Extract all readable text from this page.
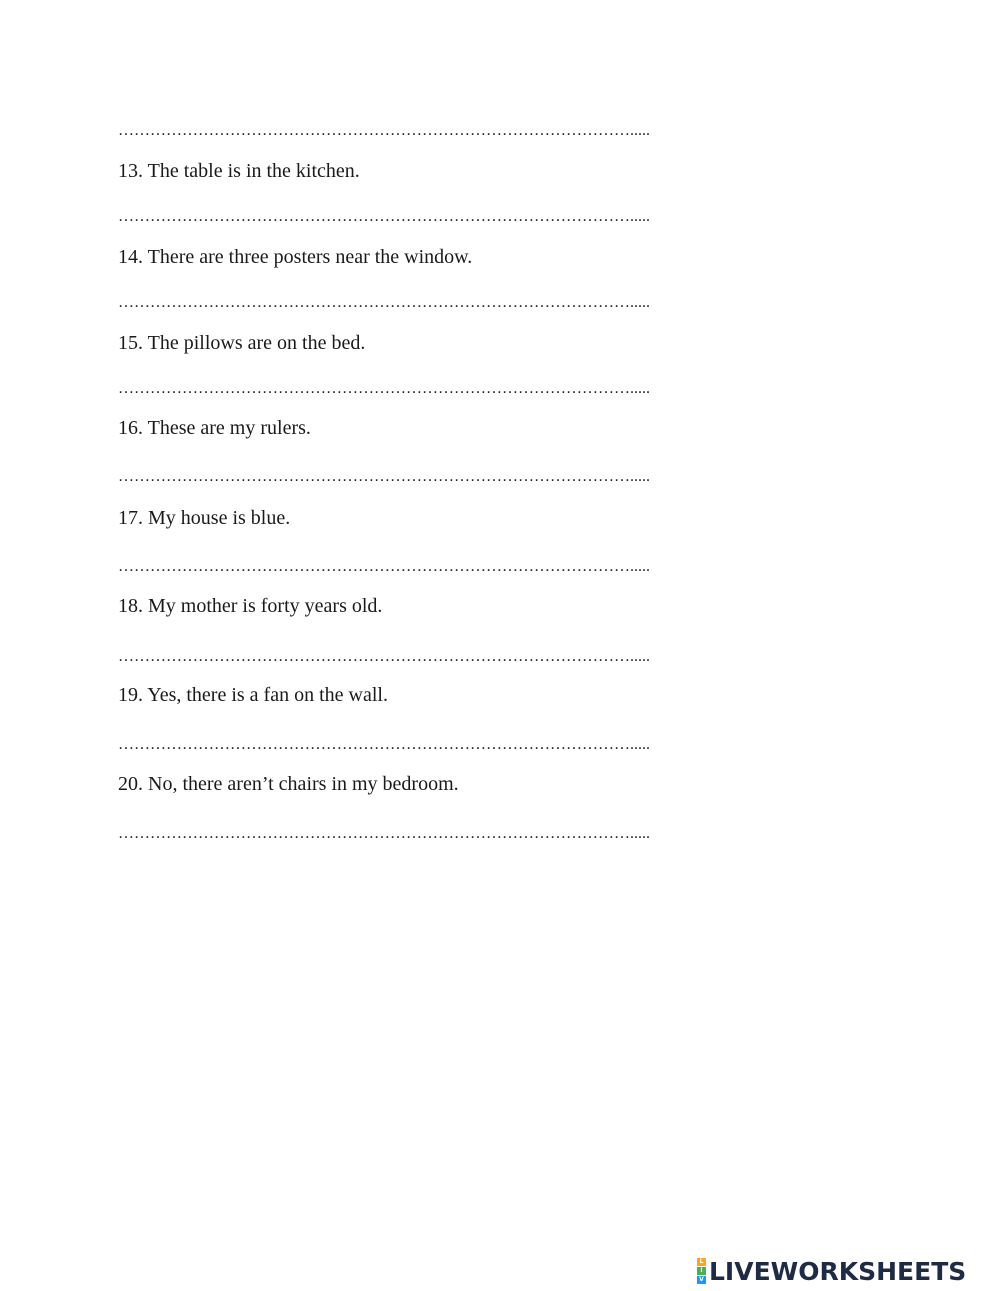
…………………………………………………………………………………….....
13. The table is in the kitchen.
…………………………………………………………………………………….....
14. There are three posters near the window.
…………………………………………………………………………………….....
15. The pillows are on the bed.
…………………………………………………………………………………….....
16. These are my rulers.
…………………………………………………………………………………….....
17. My house is blue.
…………………………………………………………………………………….....
18. My mother is forty years old.
…………………………………………………………………………………….....
19. Yes, there is a fan on the wall.
…………………………………………………………………………………….....
20. No, there aren’t chairs in my bedroom.
…………………………………………………………………………………….....
L
I
V LIVEWORKSHEETS
